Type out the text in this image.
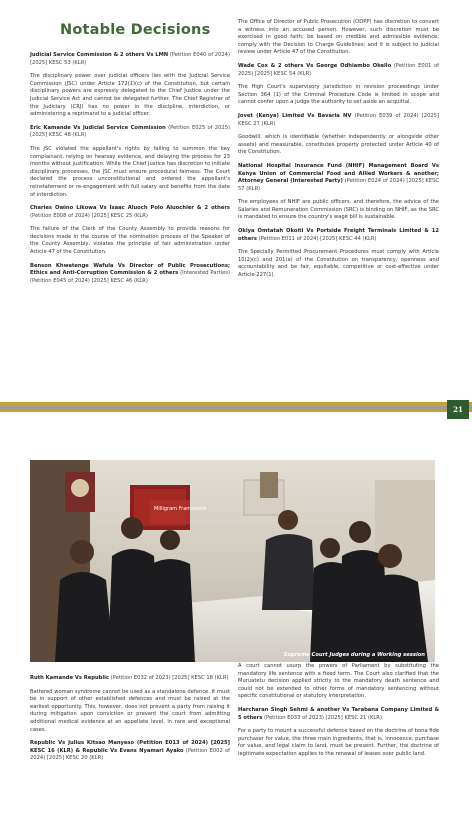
Notable Decisions

Judicial Service Commission & 2 others Vs LMN (Petition E040 of 2024) [2025] KESC 53 (KLR)

The disciplinary power over judicial officers lies with the Judicial Service Commission (JSC) under Article 172(1)(c) of the Constitution, but certain disciplinary powers are expressly delegated to the Chief Justice under the Judicial Service Act and cannot be delegated further. The Chief Registrar of the Judiciary (CRJ) has no power in the discipline, interdiction, or administering a reprimand to a judicial officer.

Eric Kamande Vs Judicial Service Commission (Petition E025 of 2025) [2025] KESC 48 (KLR)

The JSC violated the appellant's rights by failing to summon the key complainant, relying on hearsay evidence, and delaying the process for 23 months without justification. While the Chief Justice has discretion to initiate disciplinary processes, the JSC must ensure procedural fairness. The Court declared the process unconstitutional and ordered the appellant's reinstatement or re-engagement with full salary and benefits from the date of interdiction.

Charles Owino Likowa Vs Isaac Aluoch Polo Aluochier & 2 others (Petition E008 of 2024) [2025] KESC 25 (KLR)

The failure of the Clerk of the County Assembly to provide reasons for decisions made in the course of the nomination process of the Speaker of the County Assembly, violates the principle of fair administration under Article 47 of the Constitution.

Benson Khwatenge Wafula Vs Director of Public Prosecutions; Ethics and Anti-Corruption Commission & 2 others (Interested Parties) (Petition E045 of 2024) [2025] KESC 46 (KLR)

The Office of Director of Public Prosecution (ODPP) has discretion to convert a witness into an accused person. However, such discretion must be exercised in good faith; be based on credible and admissible evidence; comply with the Decision to Charge Guidelines; and it is subject to judicial review under Article 47 of the Constitution.

Wade Cox & 2 others Vs George Odhiambo Okello (Petition E001 of 2025) [2025] KESC 54 (KLR)

The High Court's supervisory jurisdiction in revision proceedings under Section 364 (1) of the Criminal Procedure Code is limited in scope and cannot confer upon a judge the authority to set aside an acquittal.

Jovet (Kenya) Limited Vs Bavaria NV (Petition E039 of 2024) [2025] KESC 27 (KLR)

Goodwill, which is identifiable (whether independently or alongside other assets) and measurable, constitutes property protected under Article 40 of the Constitution.

National Hospital Insurance Fund (NHIF) Management Board Vs Kenya Union of Commercial Food and Allied Workers & another; Attorney General (Interested Party) (Petition E024 of 2024) [2025] KESC 57 (KLR)

The employees of NHIF are public officers, and therefore, the advice of the Salaries and Remuneration Commission (SRC) is binding on NHIF, as the SRC is mandated to ensure the country's wage bill is sustainable.

Okiya Omtatah Okoiti Vs Portside Freight Terminals Limited & 12 others (Petition E011 of 2024) [2025] KESC 44 (KLR)

The Specially Permitted Procurement Procedures must comply with Article 10(2)(c) and 201(a) of the Constitution on transparency, openness and accountability and be fair, equitable, competitive or cost-effective under Article 227(1).

21
Milligram Framework
Supreme Court Judges during a Working session

Ruth Kamande Vs Republic (Petition E032 of 2023) [2025] KESC 18 (KLR)

Battered woman syndrome cannot be used as a standalone defence. It must be in support of other established defences and must be raised at the earliest opportunity. This, however, does not prevent a party from raising it during mitigation upon conviction or prevent the court from admitting additional medical evidence at an appellate level, in rare and exceptional cases.

Republic Vs Julius Kitsao Manyeso (Petition E013 of 2024) [2025] KESC 16 (KLR) & Republic Vs Evans Nyamari Ayako (Petition E002 of 2024) [2025] KESC 20 (KLR)

A court cannot usurp the powers of Parliament by substituting the mandatory life sentence with a fixed term. The Court also clarified that the Muruatetu decision applied strictly to the mandatory death sentence and could not be extended to other forms of mandatory sentencing without specific constitutional or statutory interpretation.

Harcharan Singh Sehmi & another Vs Tarabana Company Limited & 5 others (Petition E033 of 2023) [2025] KESC 21 (KLR)

For a party to mount a successful defence based on the doctrine of bona fide purchaser for value, the three main ingredients, that is, innocence, purchase for value, and legal claim to land, must be present. Further, the doctrine of legitimate expectation applies to the renewal of leases over public land.
